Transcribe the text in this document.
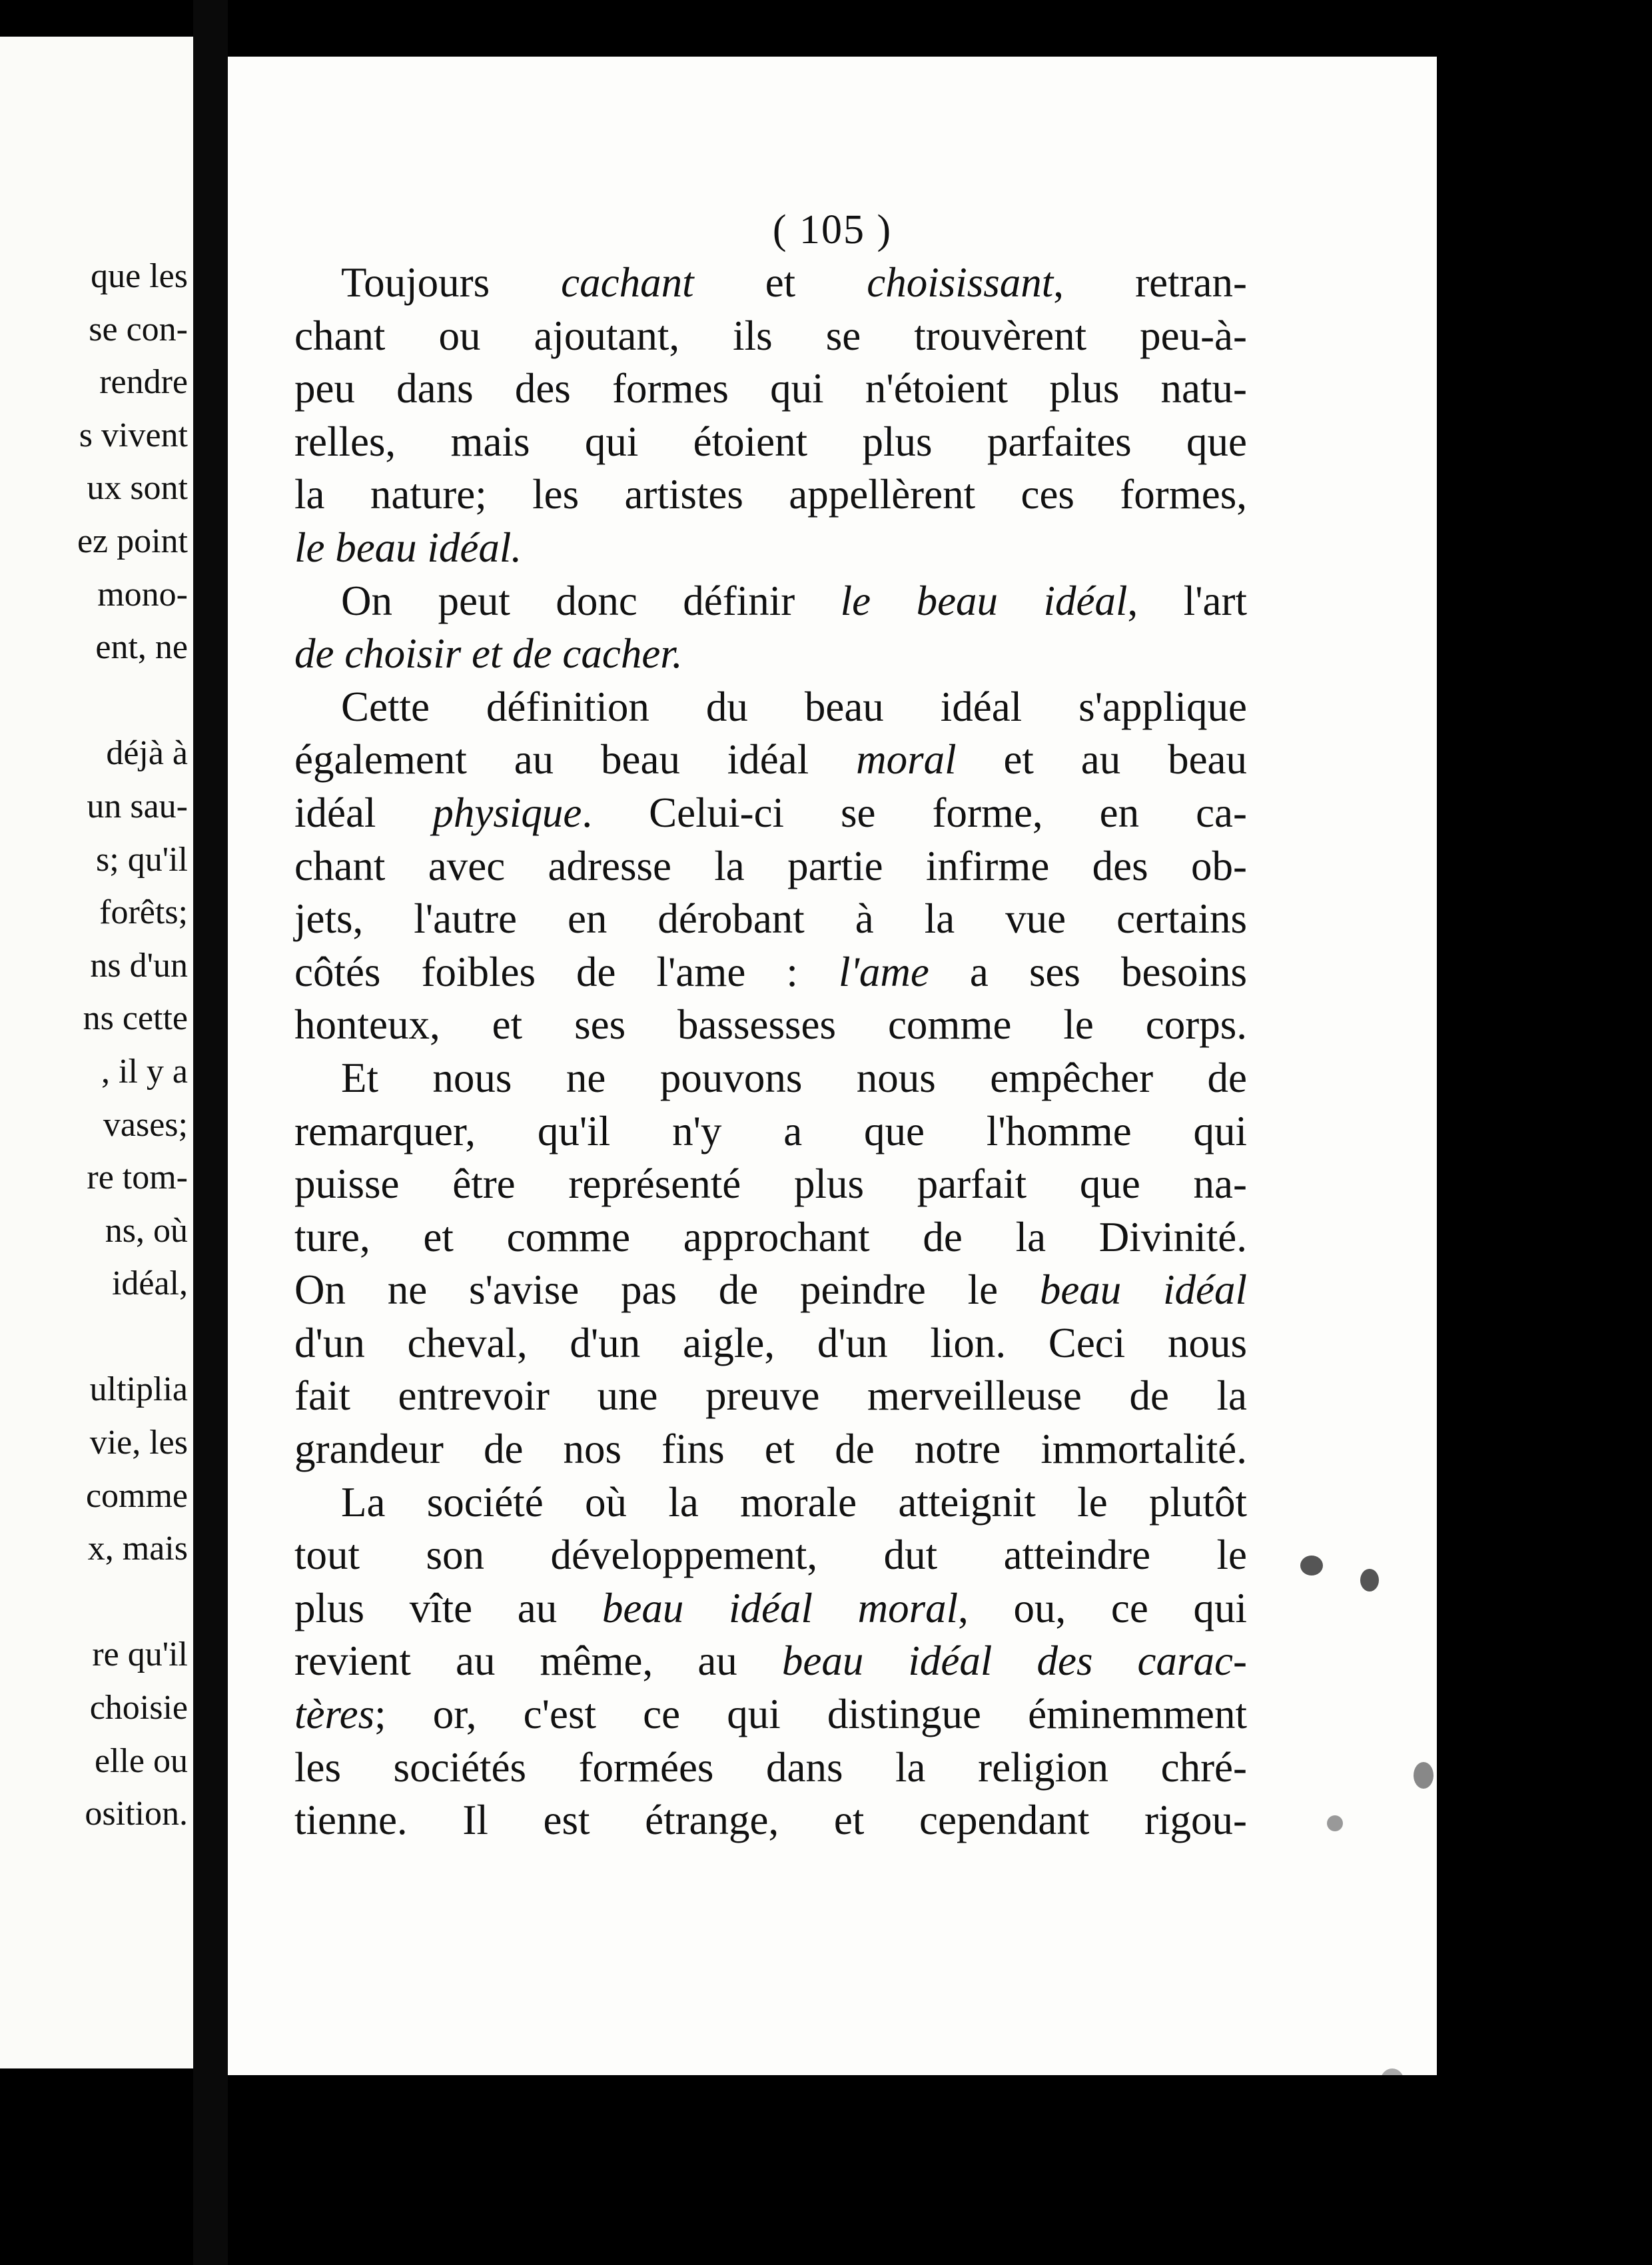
que les
se con-
rendre
s vivent
ux sont
ez point
mono-
ent, ne
déjà à
un sau-
s; qu'il
forêts;
ns d'un
ns cette
, il y a
vases;
re tom-
ns, où
idéal,
ultiplia
vie, les
comme
x, mais
re qu'il
choisie
elle ou
osition.
( 105 )
Toujours cachant et choisissant, retran-
chant ou ajoutant, ils se trouvèrent peu-à-
peu dans des formes qui n'étoient plus natu-
relles, mais qui étoient plus parfaites que
la nature; les artistes appellèrent ces formes,
le beau idéal.
On peut donc définir le beau idéal, l'art
de choisir et de cacher.
Cette définition du beau idéal s'applique
également au beau idéal moral et au beau
idéal physique. Celui-ci se forme, en ca-
chant avec adresse la partie infirme des ob-
jets, l'autre en dérobant à la vue certains
côtés foibles de l'ame : l'ame a ses besoins
honteux, et ses bassesses comme le corps.
Et nous ne pouvons nous empêcher de
remarquer, qu'il n'y a que l'homme qui
puisse être représenté plus parfait que na-
ture, et comme approchant de la Divinité.
On ne s'avise pas de peindre le beau idéal
d'un cheval, d'un aigle, d'un lion. Ceci nous
fait entrevoir une preuve merveilleuse de la
grandeur de nos fins et de notre immortalité.
La société où la morale atteignit le plutôt
tout son développement, dut atteindre le
plus vîte au beau idéal moral, ou, ce qui
revient au même, au beau idéal des carac-
tères; or, c'est ce qui distingue éminemment
les sociétés formées dans la religion chré-
tienne. Il est étrange, et cependant rigou-
